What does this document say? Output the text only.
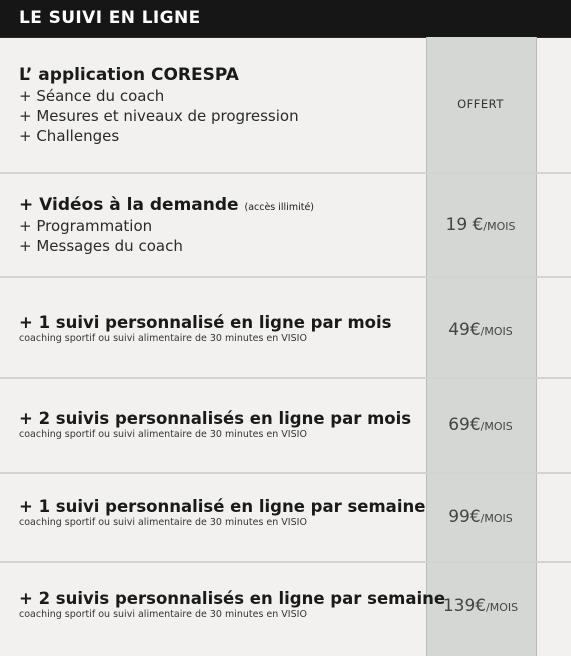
LE SUIVI EN LIGNE
L’ application CORESPA
+ Séance du coach
+ Mesures et niveaux de progression
+ Challenges
OFFERT
+ Vidéos à la demande (accès illimité)
+ Programmation
+ Messages du coach
19 €/MOIS
+ 1 suivi personnalisé en ligne par mois
coaching sportif ou suivi alimentaire de 30 minutes en VISIO	49€/MOIS
+ 2 suivis personnalisés en ligne par mois
coaching sportif ou suivi alimentaire de 30 minutes en VISIO	69€/MOIS
+ 1 suivi personnalisé en ligne par semaine
coaching sportif ou suivi alimentaire de 30 minutes en VISIO	99€/MOIS
+ 2 suivis personnalisés en ligne par semaine
coaching sportif ou suivi alimentaire de 30 minutes en VISIO	139€/MOIS
